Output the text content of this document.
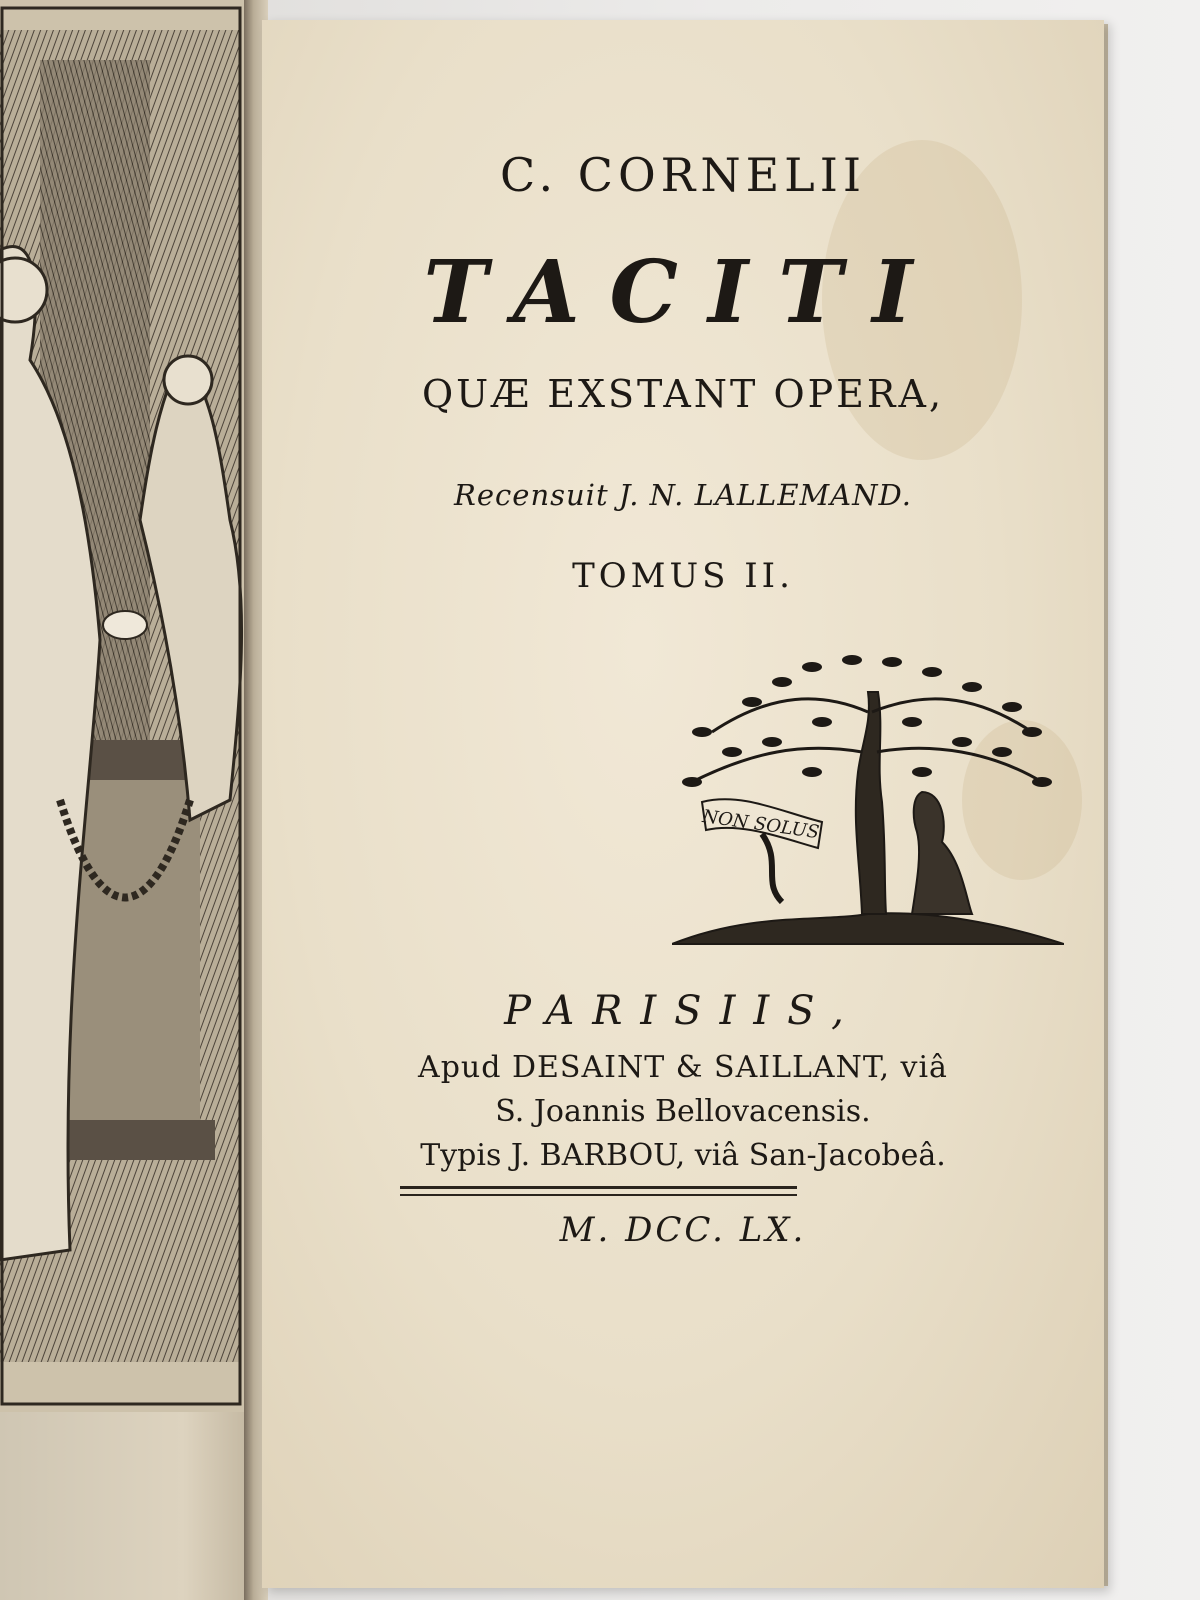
C. CORNELII
TACITI
QUÆ EXSTANT OPERA,
Recensuit J. N. LALLEMAND.
TOMUS II.
NON SOLUS
PARISIIS,
Apud DESAINT & SAILLANT, viâ
S. Joannis Bellovacensis.
Typis J. BARBOU, viâ San-Jacobeâ.
M. DCC. LX.
